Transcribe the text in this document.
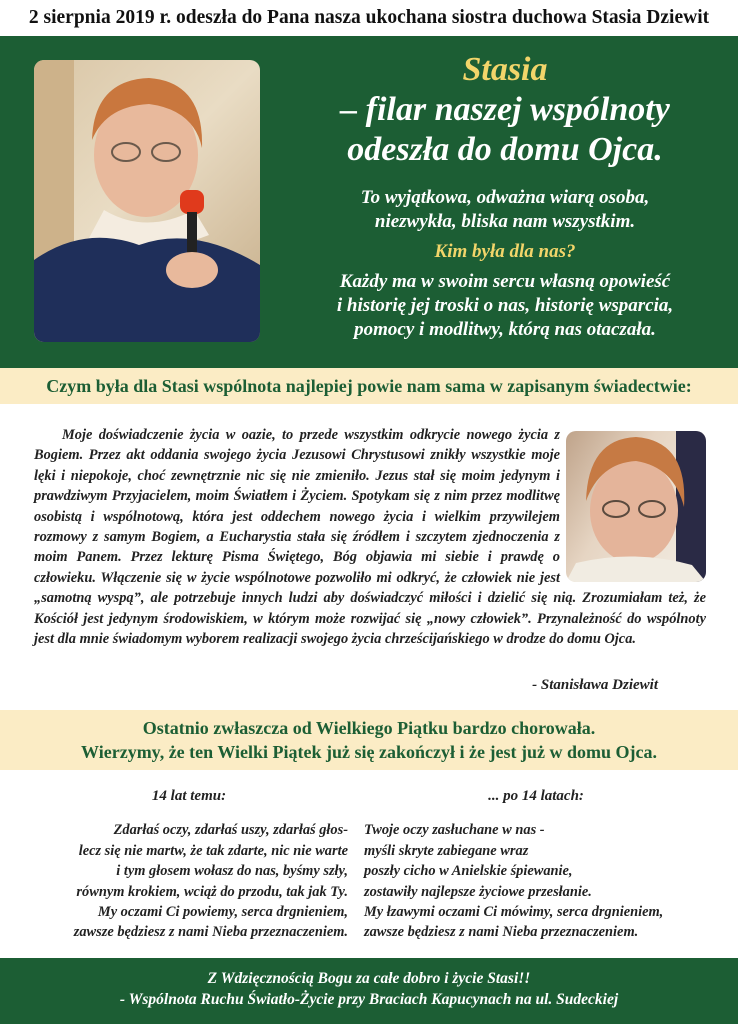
2 sierpnia 2019 r. odeszła do Pana nasza ukochana siostra duchowa Stasia Dziewit
Stasia
– filar naszej wspólnoty
odeszła do domu Ojca.
To wyjątkowa, odważna wiarą osoba,
niezwykła, bliska nam wszystkim.
Kim była dla nas?
Każdy ma w swoim sercu własną opowieść
i historię jej troski o nas, historię wsparcia,
pomocy i modlitwy, którą nas otaczała.
Czym była dla Stasi wspólnota najlepiej powie nam sama w zapisanym świadectwie:

Moje doświadczenie życia w oazie, to przede wszystkim odkrycie nowego życia z Bogiem. Przez akt oddania swojego życia Jezusowi Chrystusowi znikły wszystkie moje lęki i niepokoje, choć zewnętrznie nic się nie zmieniło. Jezus stał się moim jedynym i prawdziwym Przyjacielem, moim Światłem i Życiem. Spotykam się z nim przez modlitwę osobistą i wspólnotową, która jest oddechem nowego życia i wielkim przywilejem rozmowy z samym Bogiem, a Eucharystia stała się źródłem i szczytem zjednoczenia z moim Panem. Przez lekturę Pisma Świętego, Bóg objawia mi siebie i prawdę o człowieku. Włączenie się w życie wspólnotowe pozwoliło mi odkryć, że człowiek nie jest „samotną wyspą”, ale potrzebuje innych ludzi aby doświadczyć miłości i dzielić się nią. Zrozumiałam też, że Kościół jest jedynym środowiskiem, w którym może rozwijać się „nowy człowiek”. Przynależność do wspólnoty jest dla mnie świadomym wyborem realizacji swojego życia chrześcijańskiego w drodze do domu Ojca.

- Stanisława Dziewit
Ostatnio zwłaszcza od Wielkiego Piątku bardzo chorowała.
Wierzymy, że ten Wielki Piątek już się zakończył i że jest już w domu Ojca.
14 lat temu:
Zdarłaś oczy, zdarłaś uszy, zdarłaś głos-
lecz się nie martw, że tak zdarte, nic nie warte
i tym głosem wołasz do nas, byśmy szły,
równym krokiem, wciąż do przodu, tak jak Ty.
My oczami Ci powiemy, serca drgnieniem,
zawsze będziesz z nami Nieba przeznaczeniem.
... po 14 latach:
Twoje oczy zasłuchane w nas -
myśli skryte zabiegane wraz
poszły cicho w Anielskie śpiewanie,
zostawiły najlepsze życiowe przesłanie.
My łzawymi oczami Ci mówimy, serca drgnieniem,
zawsze będziesz z nami Nieba przeznaczeniem.
Z Wdzięcznością Bogu za całe dobro i życie Stasi!!
- Wspólnota Ruchu Światło-Życie przy Braciach Kapucynach na ul. Sudeckiej
